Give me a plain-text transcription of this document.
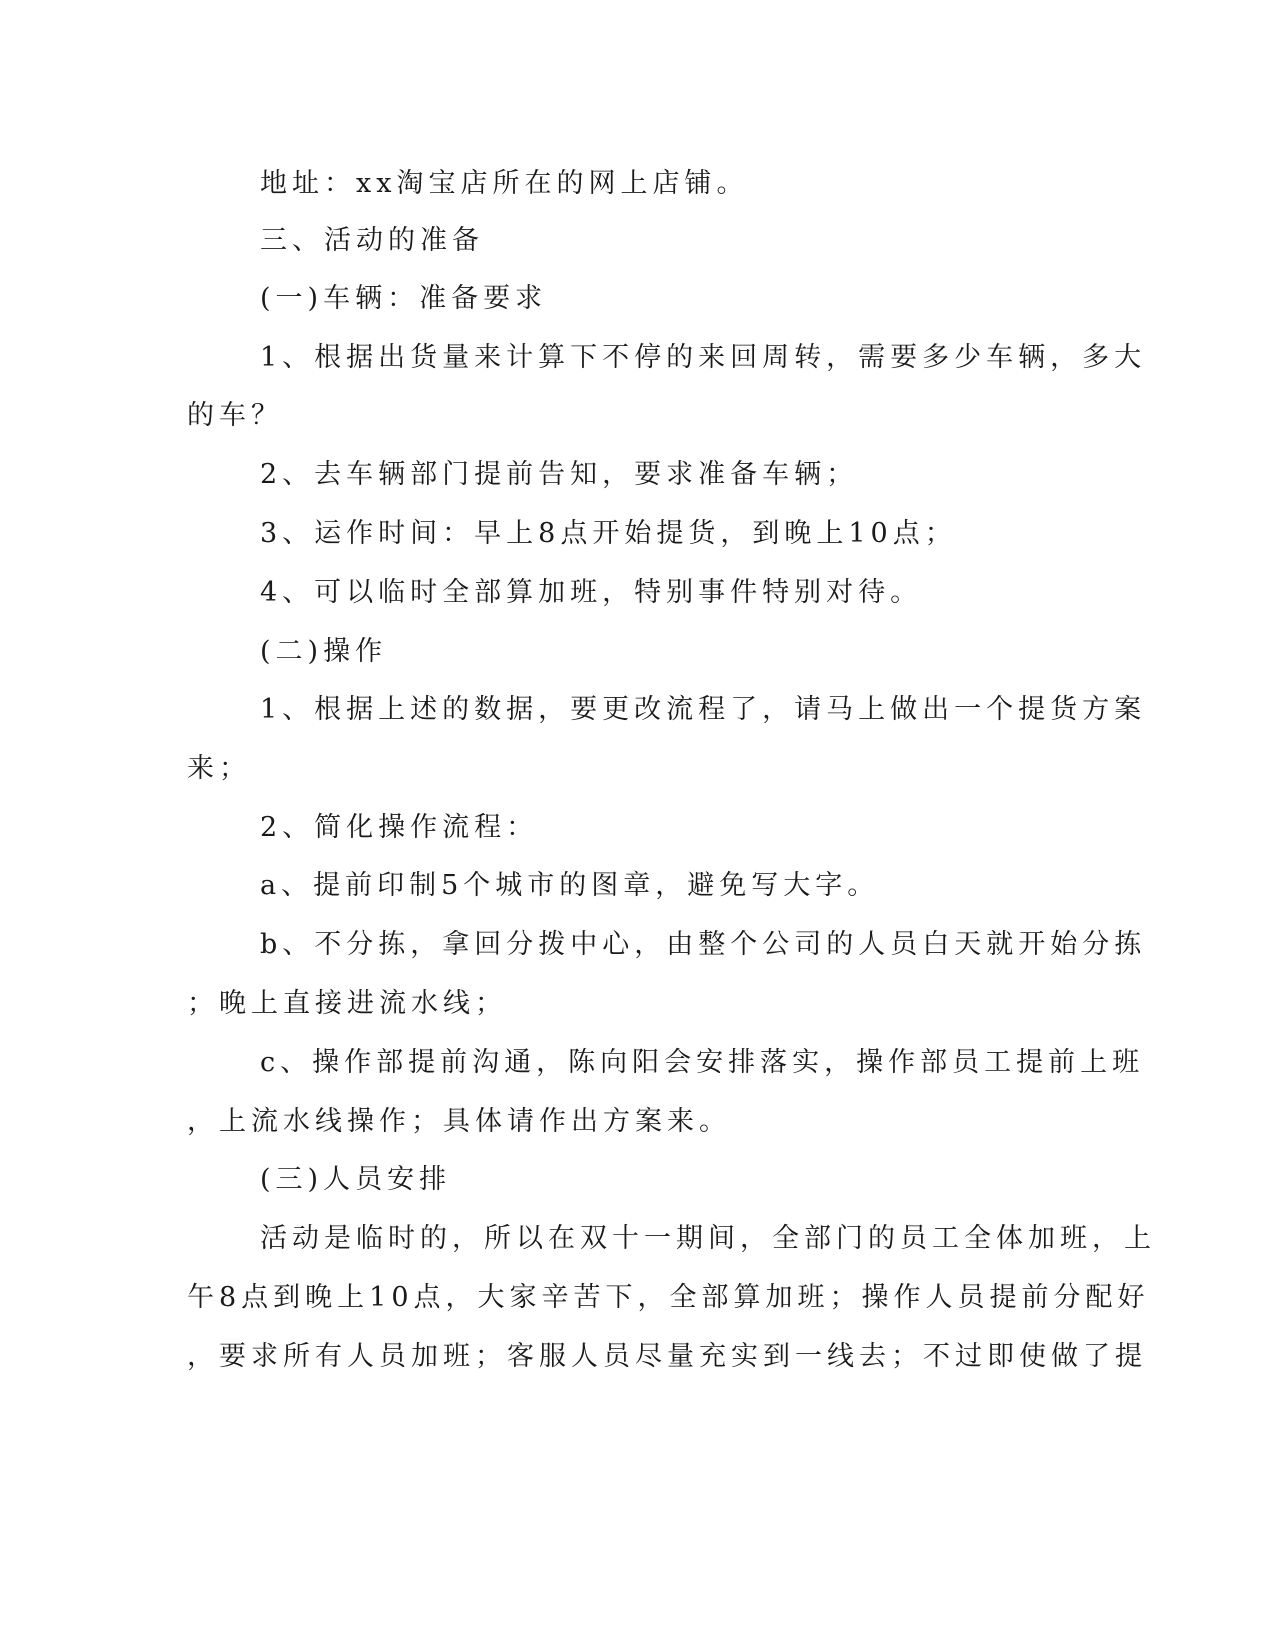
地址：xx淘宝店所在的网上店铺。
三、活动的准备
(一)车辆：准备要求
1、根据出货量来计算下不停的来回周转，需要多少车辆，多大
的车？
2、去车辆部门提前告知，要求准备车辆；
3、运作时间：早上8点开始提货，到晚上10点；
4、可以临时全部算加班，特别事件特别对待。
(二)操作
1、根据上述的数据，要更改流程了，请马上做出一个提货方案
来；
2、简化操作流程：
a、提前印制5个城市的图章，避免写大字。
b、不分拣，拿回分拨中心，由整个公司的人员白天就开始分拣
；晚上直接进流水线；
c、操作部提前沟通，陈向阳会安排落实，操作部员工提前上班
，上流水线操作；具体请作出方案来。
(三)人员安排
活动是临时的，所以在双十一期间，全部门的员工全体加班，上
午8点到晚上10点，大家辛苦下，全部算加班；操作人员提前分配好
，要求所有人员加班；客服人员尽量充实到一线去；不过即使做了提
